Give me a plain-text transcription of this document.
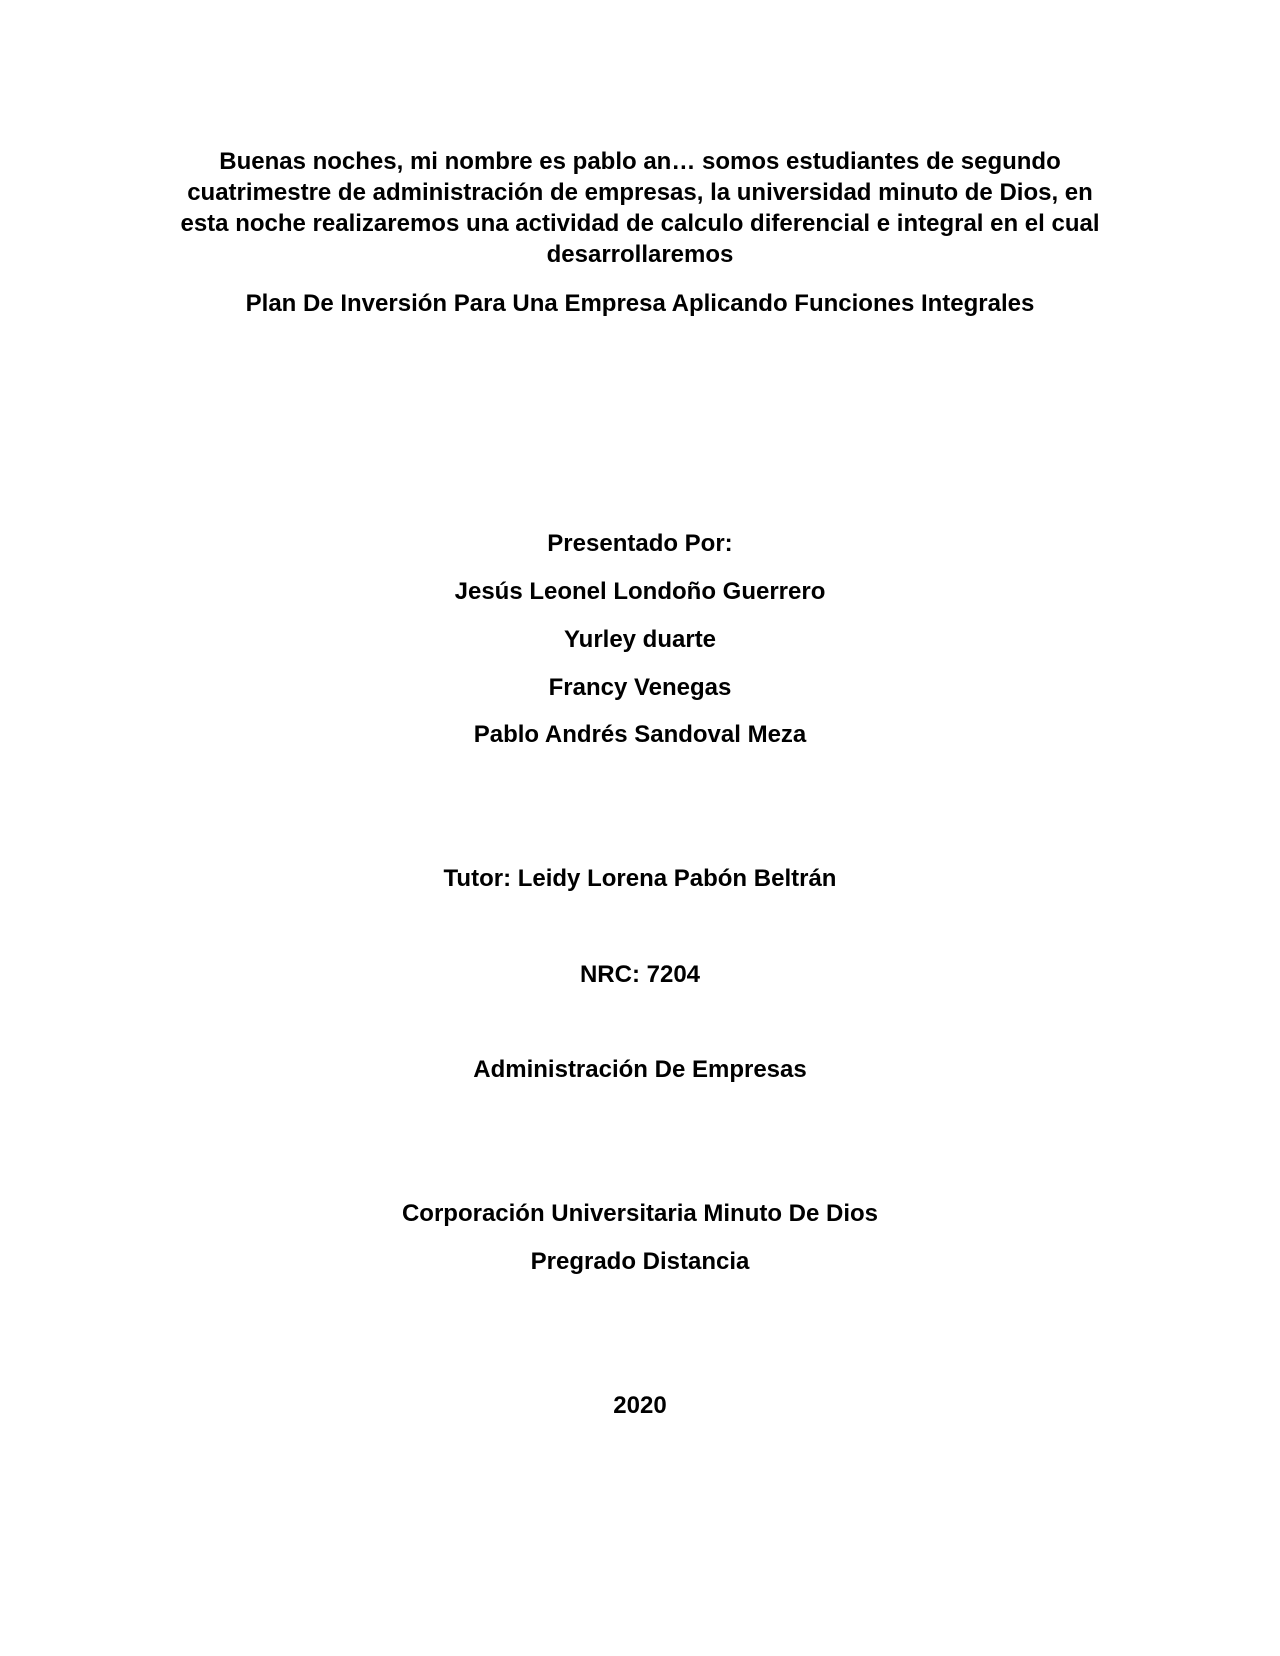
Buenas noches, mi nombre es pablo an… somos estudiantes de segundo cuatrimestre de administración de empresas, la universidad minuto de Dios, en esta noche realizaremos una actividad de calculo diferencial e integral en el cual desarrollaremos

Plan De Inversión Para Una Empresa Aplicando Funciones Integrales

Presentado Por:

Jesús Leonel Londoño Guerrero

Yurley duarte

Francy Venegas

Pablo Andrés Sandoval Meza

Tutor: Leidy Lorena Pabón Beltrán

NRC: 7204

Administración De Empresas

Corporación Universitaria Minuto De Dios

Pregrado Distancia

2020
